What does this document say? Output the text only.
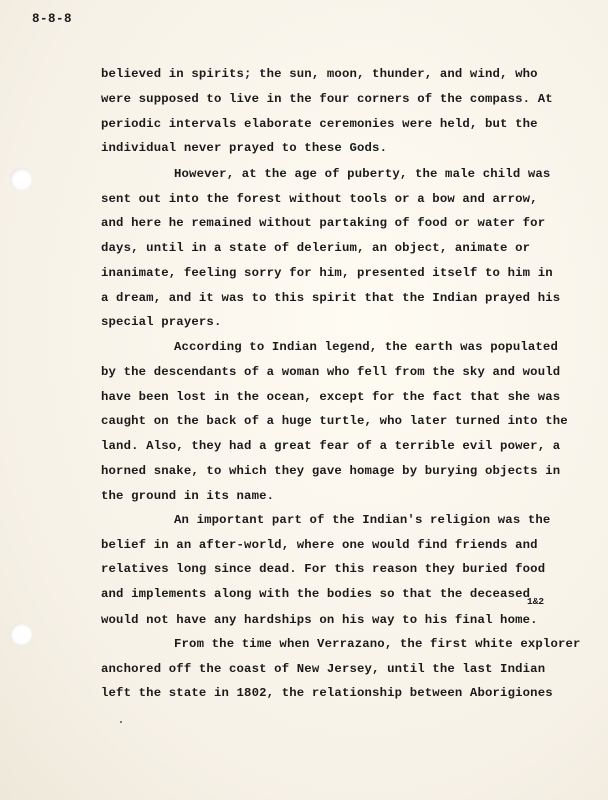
8-8-8
believed in spirits; the sun, moon, thunder, and wind, who
were supposed to live in the four corners of the compass. At
periodic intervals elaborate ceremonies were held, but the
individual never prayed to these Gods.
However, at the age of puberty, the male child was
sent out into the forest without tools or a bow and arrow,
and here he remained without partaking of food or water for
days, until in a state of delerium, an object, animate or
inanimate, feeling sorry for him, presented itself to him in
a dream, and it was to this spirit that the Indian prayed his
special prayers.
According to Indian legend, the earth was populated
by the descendants of a woman who fell from the sky and would
have been lost in the ocean, except for the fact that she was
caught on the back of a huge turtle, who later turned into the
land. Also, they had a great fear of a terrible evil power, a
horned snake, to which they gave homage by burying objects in
the ground in its name.
An important part of the Indian's religion was the
belief in an after-world, where one would find friends and
relatives long since dead. For this reason they buried food
and implements along with the bodies so that the deceased
would not have any hardships on his way to his final home.
1&2
From the time when Verrazano, the first white explorer
anchored off the coast of New Jersey, until the last Indian
left the state in 1802, the relationship between Aborigiones
